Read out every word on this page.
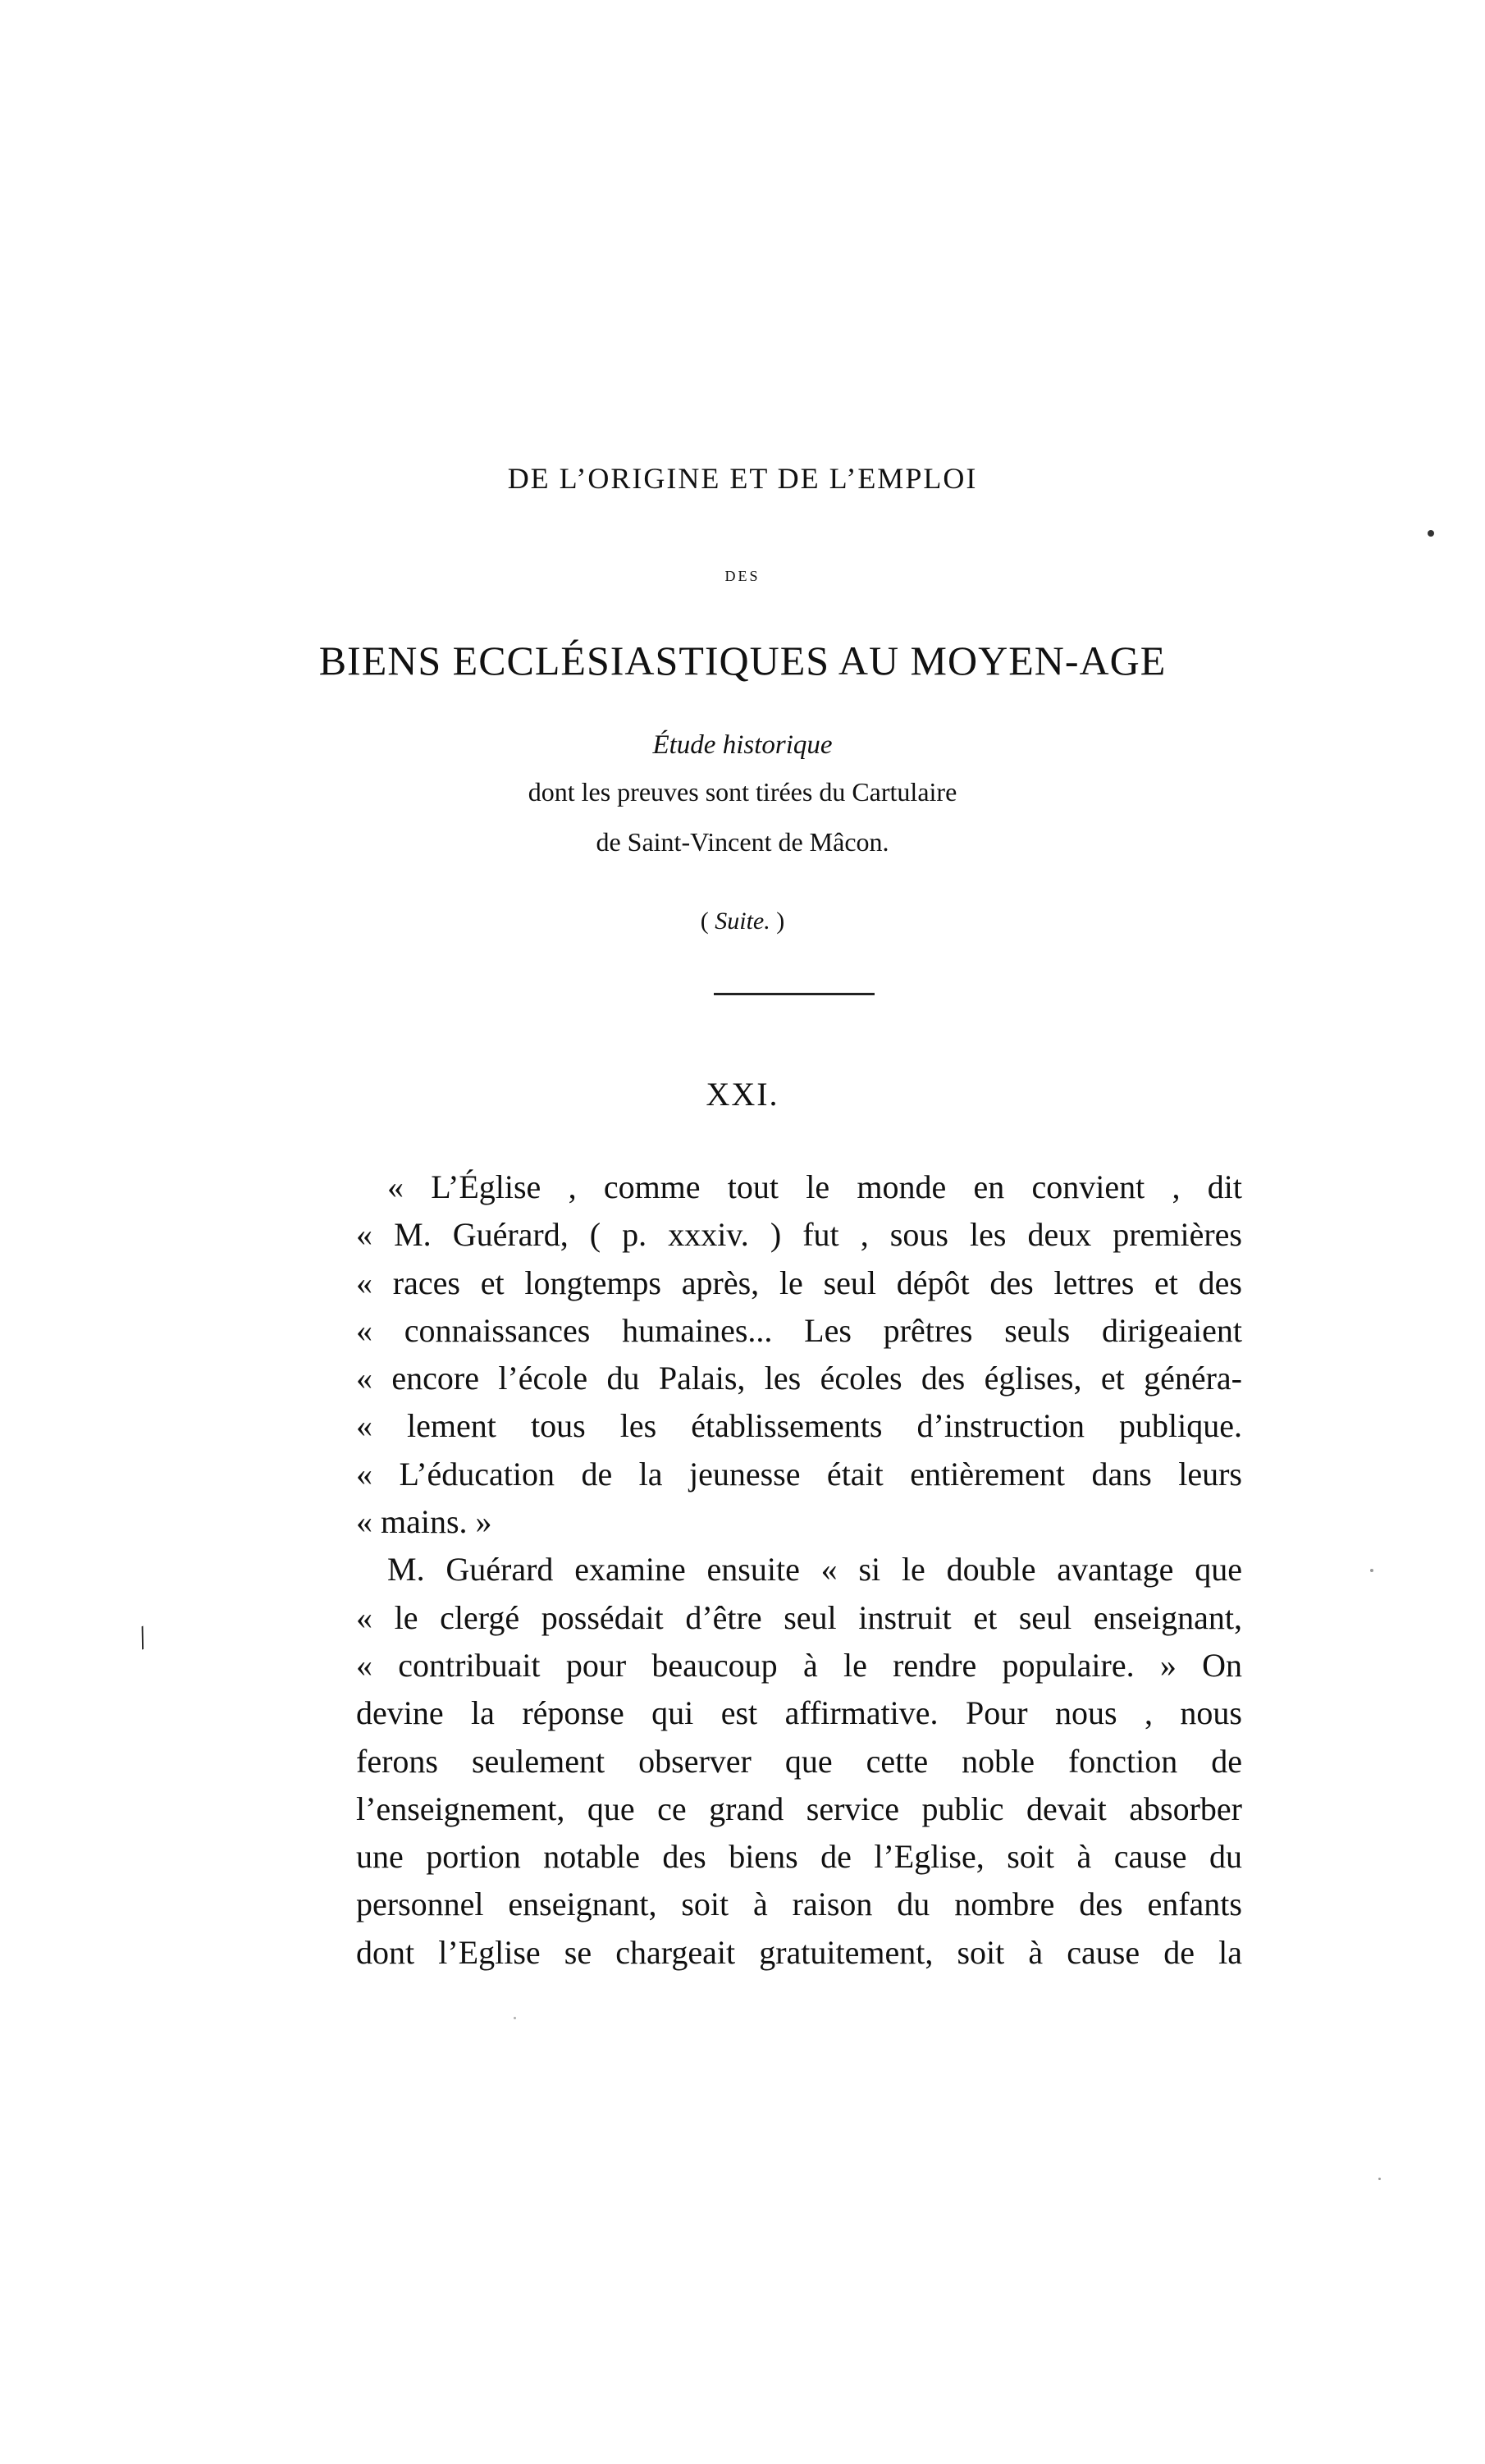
DE L’ORIGINE ET DE L’EMPLOI
DES
BIENS ECCLÉSIASTIQUES AU MOYEN-AGE
Étude historique
dont les preuves sont tirées du Cartulaire
de Saint-Vincent de Mâcon.
( Suite. )
XXI.
« L’Église , comme tout le monde en convient , dit
« M. Guérard, ( p. xxxiv. ) fut , sous les deux premières
« races et longtemps après, le seul dépôt des lettres et des
« connaissances humaines... Les prêtres seuls dirigeaient
« encore l’école du Palais, les écoles des églises, et généra-
« lement tous les établissements d’instruction publique.
« L’éducation de la jeunesse était entièrement dans leurs
« mains. »
M. Guérard examine ensuite « si le double avantage que
« le clergé possédait d’être seul instruit et seul enseignant,
« contribuait pour beaucoup à le rendre populaire. » On
devine la réponse qui est affirmative. Pour nous , nous
ferons seulement observer que cette noble fonction de
l’enseignement, que ce grand service public devait absorber
une portion notable des biens de l’Eglise, soit à cause du
personnel enseignant, soit à raison du nombre des enfants
dont l’Eglise se chargeait gratuitement, soit à cause de la
/
